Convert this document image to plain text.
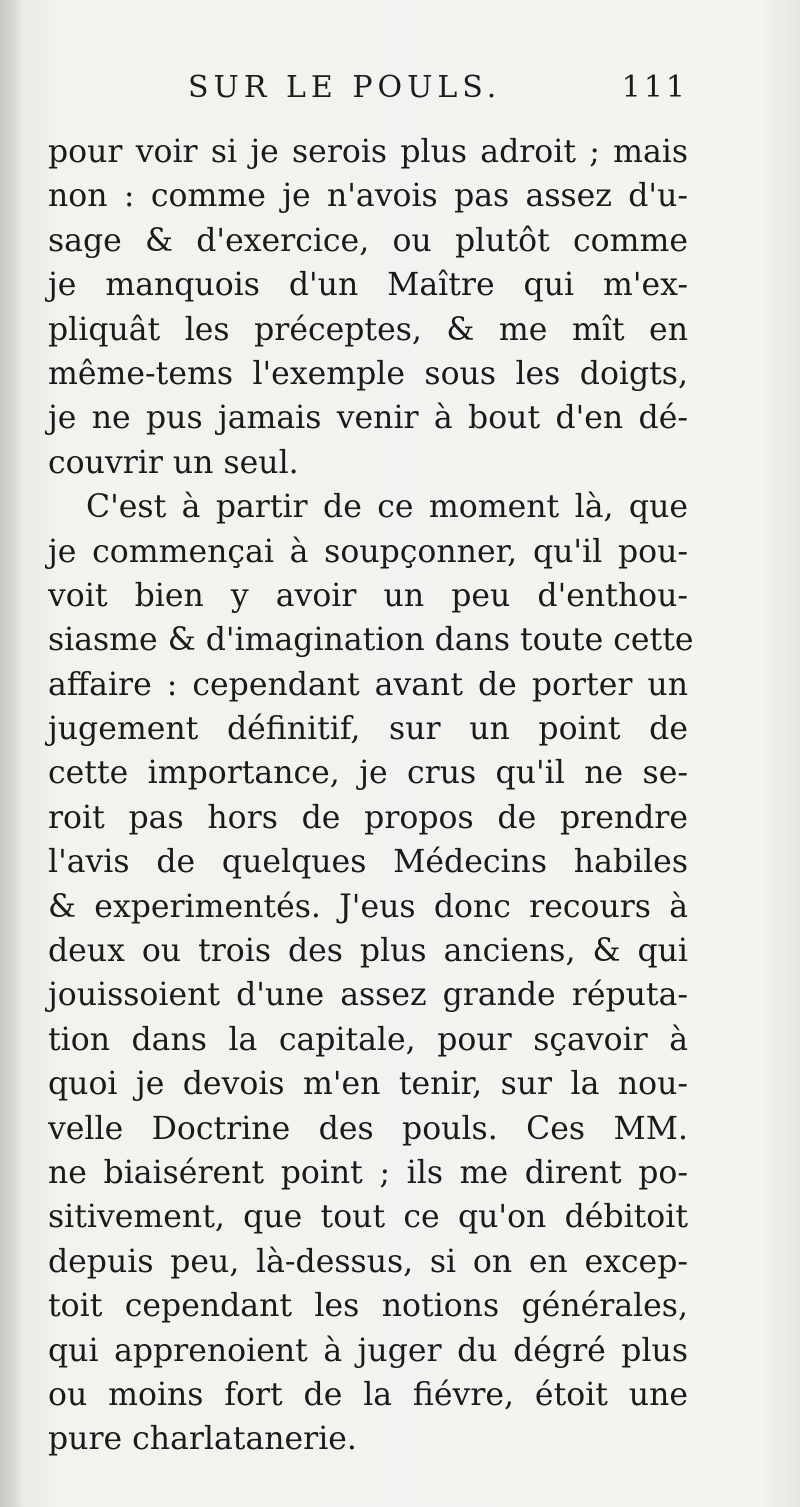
SUR LE POULS.	111
pour voir si je serois plus adroit ; mais
non : comme je n'avois pas assez d'u-
sage & d'exercice, ou plutôt comme
je manquois d'un Maître qui m'ex-
pliquât les préceptes, & me mît en
même-tems l'exemple sous les doigts,
je ne pus jamais venir à bout d'en dé-
couvrir un seul.
C'est à partir de ce moment là, que
je commençai à soupçonner, qu'il pou-
voit bien y avoir un peu d'enthou-
siasme & d'imagination dans toute cette
affaire : cependant avant de porter un
jugement définitif, sur un point de
cette importance, je crus qu'il ne se-
roit pas hors de propos de prendre
l'avis de quelques Médecins habiles
& experimentés. J'eus donc recours à
deux ou trois des plus anciens, & qui
jouissoient d'une assez grande réputa-
tion dans la capitale, pour sçavoir à
quoi je devois m'en tenir, sur la nou-
velle Doctrine des pouls. Ces MM.
ne biaisérent point ; ils me dirent po-
sitivement, que tout ce qu'on débitoit
depuis peu, là-dessus, si on en excep-
toit cependant les notions générales,
qui apprenoient à juger du dégré plus
ou moins fort de la fiévre, étoit une
pure charlatanerie.
